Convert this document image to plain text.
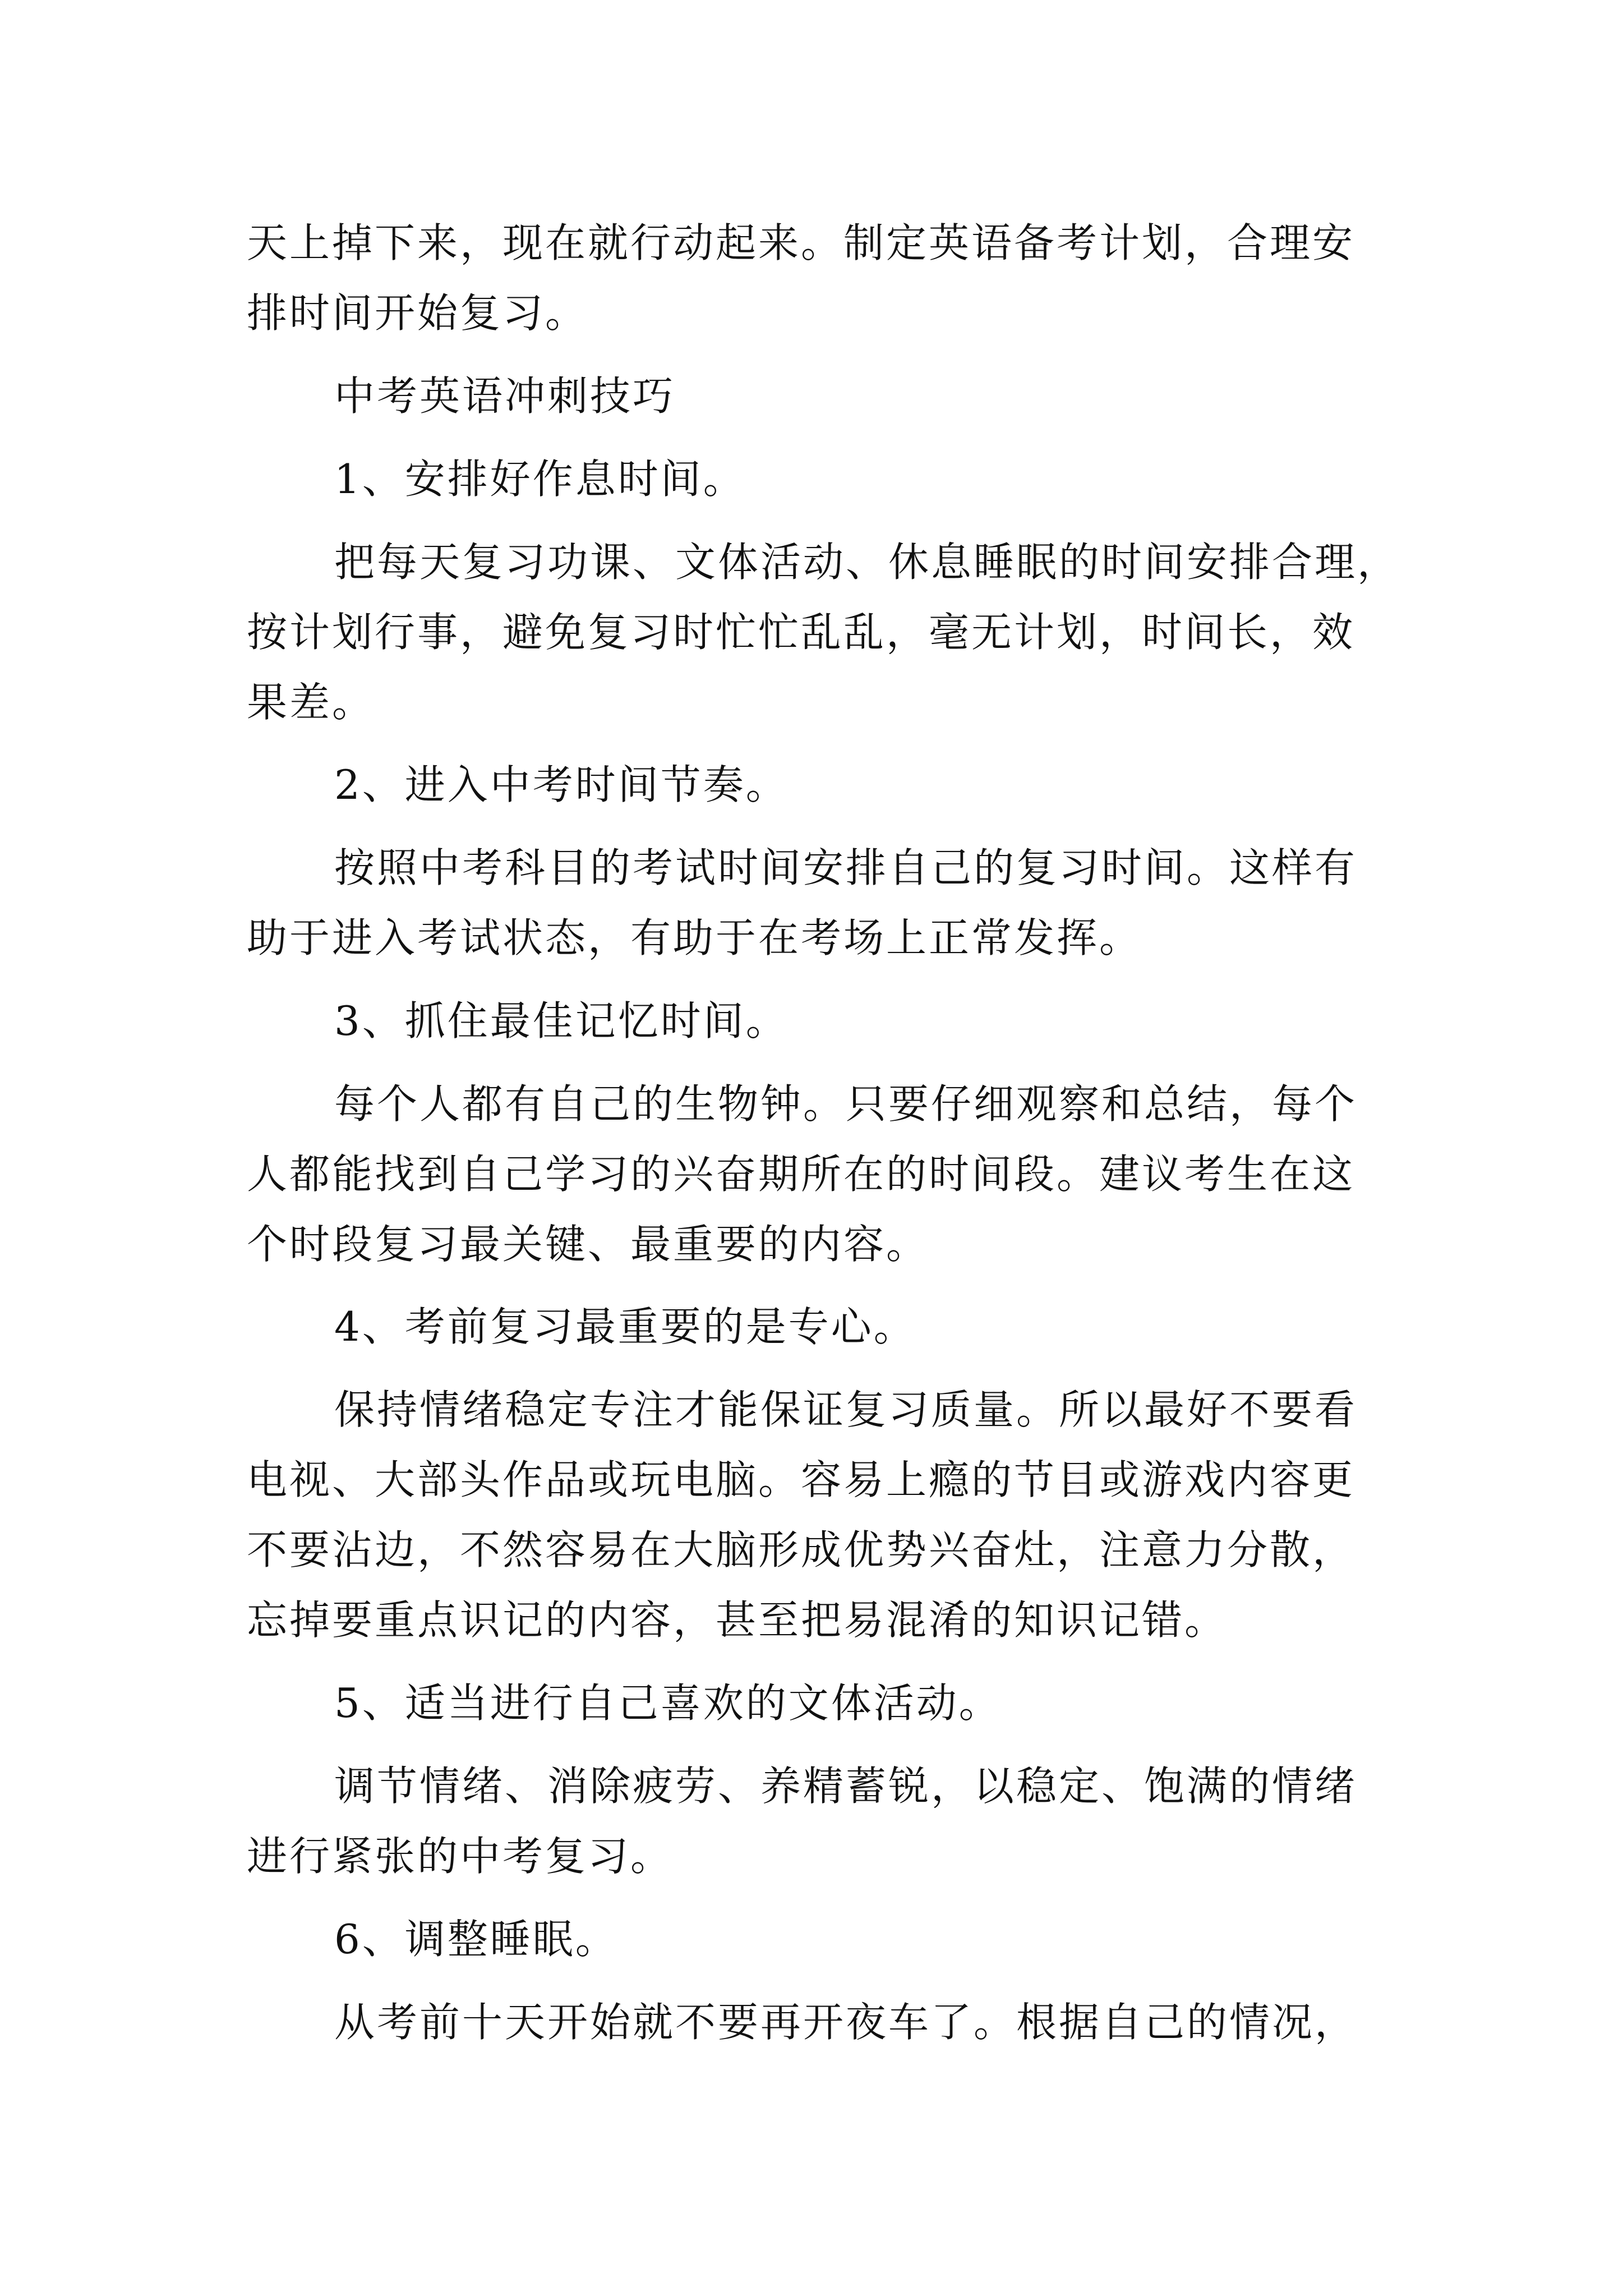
天上掉下来，现在就行动起来。制定英语备考计划，合理安

排时间开始复习。

中考英语冲刺技巧

1、安排好作息时间。

把每天复习功课、文体活动、休息睡眠的时间安排合理，

按计划行事，避免复习时忙忙乱乱，毫无计划，时间长，效

果差。

2、进入中考时间节奏。

按照中考科目的考试时间安排自己的复习时间。这样有

助于进入考试状态，有助于在考场上正常发挥。

3、抓住最佳记忆时间。

每个人都有自己的生物钟。只要仔细观察和总结，每个

人都能找到自己学习的兴奋期所在的时间段。建议考生在这

个时段复习最关键、最重要的内容。

4、考前复习最重要的是专心。

保持情绪稳定专注才能保证复习质量。所以最好不要看

电视、大部头作品或玩电脑。容易上瘾的节目或游戏内容更

不要沾边，不然容易在大脑形成优势兴奋灶，注意力分散，

忘掉要重点识记的内容，甚至把易混淆的知识记错。

5、适当进行自己喜欢的文体活动。

调节情绪、消除疲劳、养精蓄锐，以稳定、饱满的情绪

进行紧张的中考复习。

6、调整睡眠。

从考前十天开始就不要再开夜车了。根据自己的情况，
